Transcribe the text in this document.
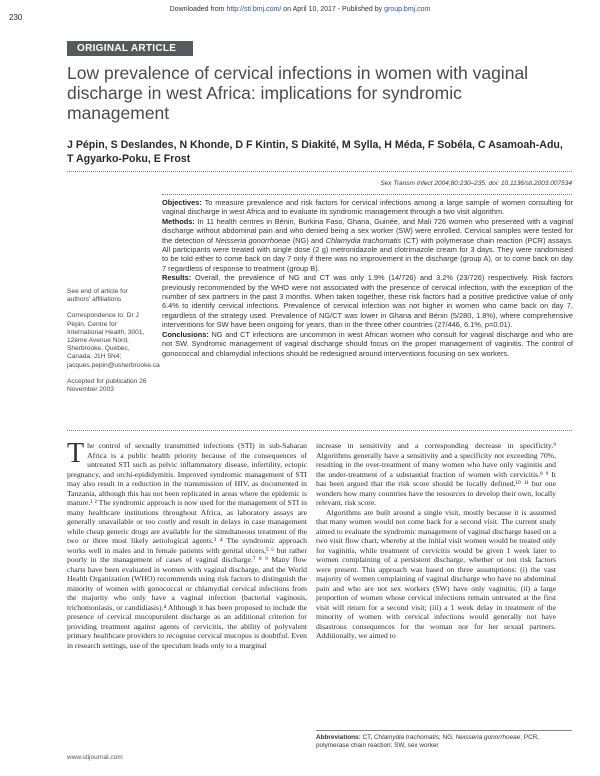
230
Downloaded from http://sti.bmj.com/ on April 10, 2017 - Published by group.bmj.com
ORIGINAL ARTICLE
Low prevalence of cervical infections in women with vaginal discharge in west Africa: implications for syndromic management
J Pépin, S Deslandes, N Khonde, D F Kintin, S Diakité, M Sylla, H Méda, F Sobéla, C Asamoah-Adu, T Agyarko-Poku, E Frost
Sex Transm Infect 2004;80:230–235. doi: 10.1136/sti.2003.007534
Objectives: To measure prevalence and risk factors for cervical infections among a large sample of women consulting for vaginal discharge in west Africa and to evaluate its syndromic management through a two visit algorithm.
Methods: In 11 health centres in Bénin, Burkina Faso, Ghana, Guinée, and Mali 726 women who presented with a vaginal discharge without abdominal pain and who denied being a sex worker (SW) were enrolled. Cervical samples were tested for the detection of Neisseria gonorrhoeae (NG) and Chlamydia trachomatis (CT) with polymerase chain reaction (PCR) assays. All participants were treated with single dose (2 g) metronidazole and clotrimazole cream for 3 days. They were randomised to be told either to come back on day 7 only if there was no improvement in the discharge (group A), or to come back on day 7 regardless of response to treatment (group B).
Results: Overall, the prevalence of NG and CT was only 1.9% (14/726) and 3.2% (23/726) respectively. Risk factors previously recommended by the WHO were not associated with the presence of cervical infection, with the exception of the number of sex partners in the past 3 months. When taken together, these risk factors had a positive predictive value of only 6.4% to identify cervical infections. Prevalence of cervical infection was not higher in women who came back on day 7, regardless of the strategy used. Prevalence of NG/CT was lower in Ghana and Bénin (5/280, 1.8%), where comprehensive interventions for SW have been ongoing for years, than in the three other countries (27/446, 6.1%, p=0.01).
Conclusions: NG and CT infections are uncommon in west African women who consult for vaginal discharge and who are not SW. Syndromic management of vaginal discharge should focus on the proper management of vaginitis. The control of gonococcal and chlamydial infections should be redesigned around interventions focusing on sex workers.

See end of article for authors' affiliations

Correspondence to: Dr J Pépin, Centre for International Health, 3001, 12ème Avenue Nord, Sherbrooke, Québec, Canada, J1H 5N4; jacques.pepin@usherbrooke.ca

Accepted for publication 26 November 2003

The control of sexually transmitted infections (STI) in sub-Saharan Africa is a public health priority because of the consequences of untreated STI such as pelvic inflammatory disease, infertility, ectopic pregnancy, and orchi-epididymitis. Improved syndromic management of STI may also result in a reduction in the transmission of HIV, as documented in Tanzania, although this has not been replicated in areas where the epidemic is mature.¹ ² The syndromic approach is now used for the management of STI in many healthcare institutions throughout Africa, as laboratory assays are generally unavailable or too costly and result in delays in case management while cheap generic drugs are available for the simultaneous treatment of the two or three most likely aetiological agents.³ ⁴ The syndromic approach works well in males and in female patients with genital ulcers,⁵ ⁶ but rather poorly in the management of cases of vaginal discharge.⁷ ⁸ ⁹ Many flow charts have been evaluated in women with vaginal discharge, and the World Health Organization (WHO) recommends using risk factors to distinguish the minority of women with gonococcal or chlamydial cervical infections from the majority who only have a vaginal infection (bacterial vaginosis, trichomoniasis, or candidiasis).⁴ Although it has been proposed to include the presence of cervical mucopurulent discharge as an additional criterion for providing treatment against agents of cervicitis, the ability of polyvalent primary healthcare providers to recognise cervical mucopus is doubtful. Even in research settings, use of the speculum leads only to a marginal

increase in sensitivity and a corresponding decrease in specificity.⁹ Algorithms generally have a sensitivity and a specificity not exceeding 70%, resulting in the over-treatment of many women who have only vaginitis and the under-treatment of a substantial fraction of women with cervicitis.⁸ ⁹ It has been argued that the risk score should be locally defined,¹⁰ ¹¹ but one wonders how many countries have the resources to develop their own, locally relevant, risk score.

Algorithms are built around a single visit, mostly because it is assumed that many women would not come back for a second visit. The current study aimed to evaluate the syndromic management of vaginal discharge based on a two visit flow chart, whereby at the initial visit women would be treated only for vaginitis, while treatment of cervicitis would be given 1 week later to women complaining of a persistent discharge, whether or not risk factors were present. This approach was based on three assumptions: (i) the vast majority of women complaining of vaginal discharge who have no abdominal pain and who are not sex workers (SW) have only vaginitis; (ii) a large proportion of women whose cervical infections remain untreated at the first visit will return for a second visit; (iii) a 1 week delay in treatment of the minority of women with cervical infections would generally not have disastrous consequences for the woman nor for her sexual partners. Additionally, we aimed to

Abbreviations: CT, Chlamydia trachomatis; NG, Neisseria gonorrhoeae; PCR, polymerase chain reaction; SW, sex worker
www.stijournal.com
